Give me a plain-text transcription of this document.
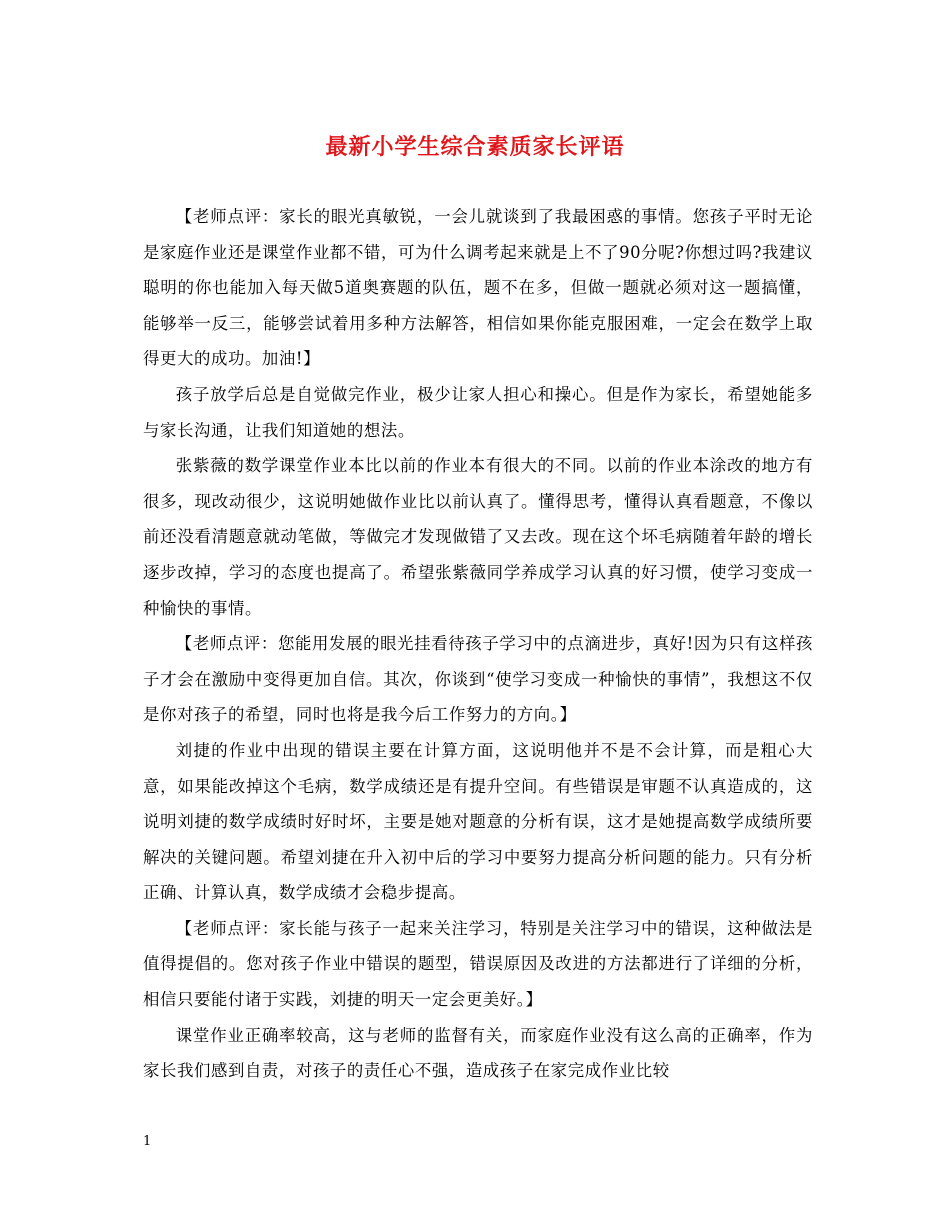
最新小学生综合素质家长评语

【老师点评：家长的眼光真敏锐，一会儿就谈到了我最困惑的事情。您孩子平时无论是家庭作业还是课堂作业都不错，可为什么调考起来就是上不了90分呢?你想过吗?我建议聪明的你也能加入每天做5道奥赛题的队伍，题不在多，但做一题就必须对这一题搞懂，能够举一反三，能够尝试着用多种方法解答，相信如果你能克服困难，一定会在数学上取得更大的成功。加油!】

孩子放学后总是自觉做完作业，极少让家人担心和操心。但是作为家长，希望她能多与家长沟通，让我们知道她的想法。

张紫薇的数学课堂作业本比以前的作业本有很大的不同。以前的作业本涂改的地方有很多，现改动很少，这说明她做作业比以前认真了。懂得思考，懂得认真看题意，不像以前还没看清题意就动笔做，等做完才发现做错了又去改。现在这个坏毛病随着年龄的增长逐步改掉，学习的态度也提高了。希望张紫薇同学养成学习认真的好习惯，使学习变成一种愉快的事情。

【老师点评：您能用发展的眼光挂看待孩子学习中的点滴进步，真好!因为只有这样孩子才会在激励中变得更加自信。其次，你谈到“使学习变成一种愉快的事情”，我想这不仅是你对孩子的希望，同时也将是我今后工作努力的方向。】

刘捷的作业中出现的错误主要在计算方面，这说明他并不是不会计算，而是粗心大意，如果能改掉这个毛病，数学成绩还是有提升空间。有些错误是审题不认真造成的，这说明刘捷的数学成绩时好时坏，主要是她对题意的分析有误，这才是她提高数学成绩所要解决的关键问题。希望刘捷在升入初中后的学习中要努力提高分析问题的能力。只有分析正确、计算认真，数学成绩才会稳步提高。

【老师点评：家长能与孩子一起来关注学习，特别是关注学习中的错误，这种做法是值得提倡的。您对孩子作业中错误的题型，错误原因及改进的方法都进行了详细的分析，相信只要能付诸于实践，刘捷的明天一定会更美好。】

课堂作业正确率较高，这与老师的监督有关，而家庭作业没有这么高的正确率，作为家长我们感到自责，对孩子的责任心不强，造成孩子在家完成作业比较

1
